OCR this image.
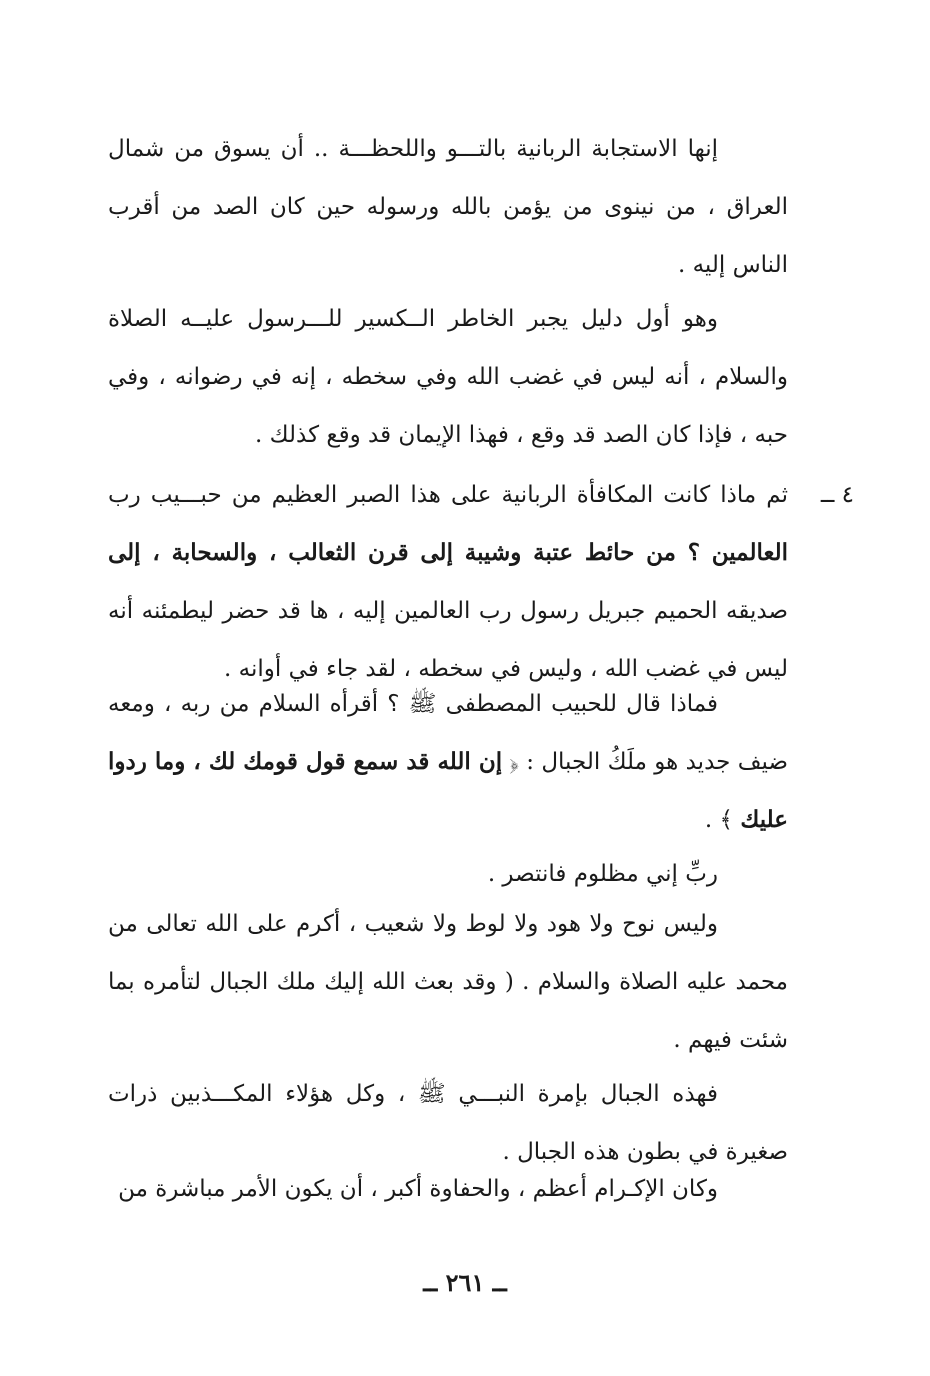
إنها الاستجابة الربانية بالتـــو واللحظـــة .. أن يسوق من شمال العراق ، من نينوى من يؤمن بالله ورسوله حين كان الصد من أقرب الناس إليه .

وهو أول دليل يجبر الخاطر الــكسير للـــرسول عليــه الصلاة والسلام ، أنه ليس في غضب الله وفي سخطه ، إنه في رضوانه ، وفي حبه ، فإذا كان الصد قد وقع ، فهذا الإيمان قد وقع كذلك .

٤ ــ

ثم ماذا كانت المكافأة الربانية على هذا الصبر العظيم من حبـــيب رب العالمين ؟ من حائط عتبة وشيبة إلى قرن الثعالب ، والسحابة ، إلى صديقه الحميم جبريل رسول رب العالمين إليه ، ها قد حضر ليطمئنه أنه ليس في غضب الله ، وليس في سخطه ، لقد جاء في أوانه .

فماذا قال للحبيب المصطفى ﷺ ؟ أقرأه السلام من ربه ، ومعه ضيف جديد هو ملَكُ الجبال : ﴿ إن الله قد سمع قول قومك لك ، وما ردوا عليك ﴾ .

ربِّ إني مظلوم فانتصر .

وليس نوح ولا هود ولا لوط ولا شعيب ، أكرم على الله تعالى من محمد عليه الصلاة والسلام . ( وقد بعث الله إليك ملك الجبال لتأمره بما شئت فيهم .

فهذه الجبال بإمرة النبـــي ﷺ ، وكل هؤلاء المكـــذبين ذرات صغيرة في بطون هذه الجبال .

وكان الإكـرام أعظم ، والحفاوة أكبر ، أن يكون الأمر مباشرة من

ــ ٢٦١ ــ
